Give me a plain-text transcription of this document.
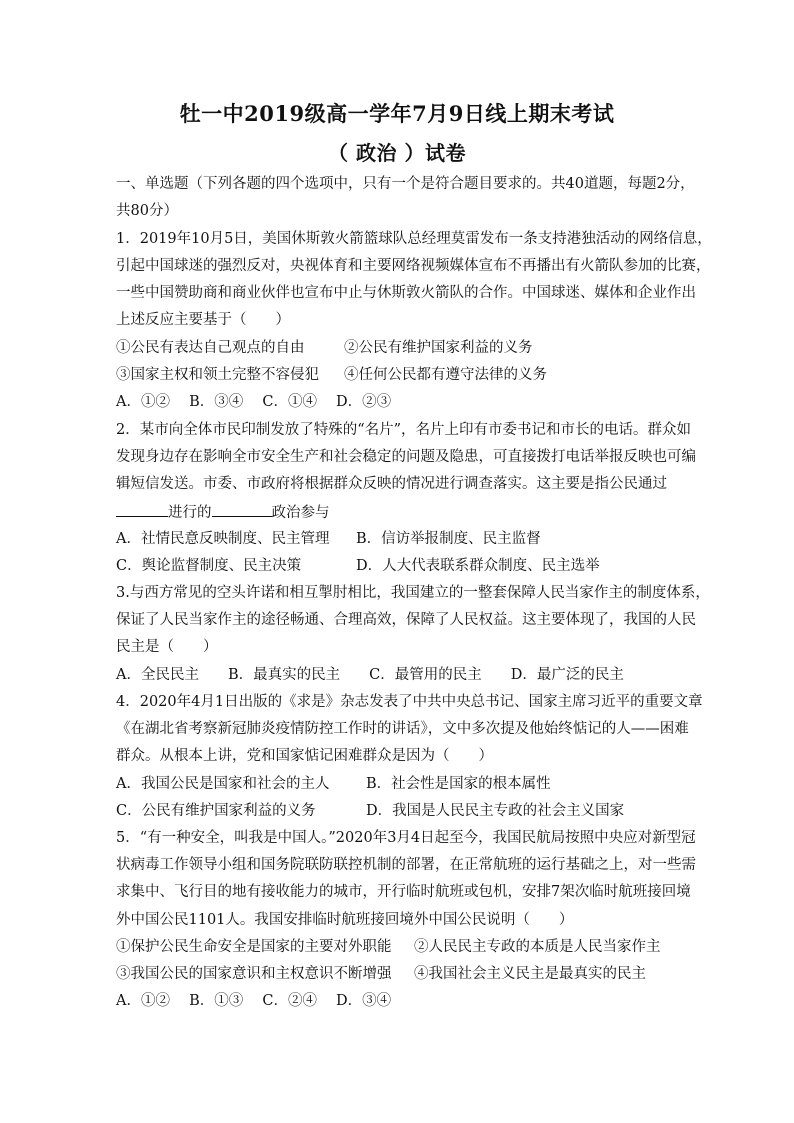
牡一中2019级高一学年7月9日线上期末考试
（ 政治 ）试卷
一、单选题（下列各题的四个选项中，只有一个是符合题目要求的。共40道题，每题2分，
共80分）
1．2019年10月5日，美国休斯敦火箭篮球队总经理莫雷发布一条支持港独活动的网络信息，
引起中国球迷的强烈反对，央视体育和主要网络视频媒体宣布不再播出有火箭队参加的比赛，
一些中国赞助商和商业伙伴也宣布中止与休斯敦火箭队的合作。中国球迷、媒体和企业作出
上述反应主要基于（　　）
①公民有表达自己观点的自由	②公民有维护国家利益的义务
③国家主权和领土完整不容侵犯 ④任何公民都有遵守法律的义务
A．①②　 B．③④　 C．①④　 D．②③
2．某市向全体市民印制发放了特殊的“名片”，名片上印有市委书记和市长的电话。群众如
发现身边存在影响全市安全生产和社会稳定的问题及隐患，可直接拨打电话举报反映也可编
辑短信发送。市委、市政府将根据群众反映的情况进行调查落实。这主要是指公民通过
进行的	政治参与
A．社情民意反映制度、民主管理 B．信访举报制度、民主监督
C．舆论监督制度、民主决策	D．人大代表联系群众制度、民主选举
3.与西方常见的空头许诺和相互掣肘相比，我国建立的一整套保障人民当家作主的制度体系，
保证了人民当家作主的途径畅通、合理高效，保障了人民权益。这主要体现了，我国的人民
民主是（　　）
A．全民民主　　B．最真实的民主　　C．最管用的民主　　D．最广泛的民主
4．2020年4月1日出版的《求是》杂志发表了中共中央总书记、国家主席习近平的重要文章
《在湖北省考察新冠肺炎疫情防控工作时的讲话》，文中多次提及他始终惦记的人——困难
群众。从根本上讲，党和国家惦记困难群众是因为（　　）
A．我国公民是国家和社会的主人	B．社会性是国家的根本属性
C．公民有维护国家利益的义务	D．我国是人民民主专政的社会主义国家
5．“有一种安全，叫我是中国人。”2020年3月4日起至今，我国民航局按照中央应对新型冠
状病毒工作领导小组和国务院联防联控机制的部署，在正常航班的运行基础之上，对一些需
求集中、飞行目的地有接收能力的城市，开行临时航班或包机，安排7架次临时航班接回境
外中国公民1101人。我国安排临时航班接回境外中国公民说明（　　）
①保护公民生命安全是国家的主要对外职能 ②人民民主专政的本质是人民当家作主
③我国公民的国家意识和主权意识不断增强 ④我国社会主义民主是最真实的民主
A．①②　 B．①③　 C．②④　 D．③④
